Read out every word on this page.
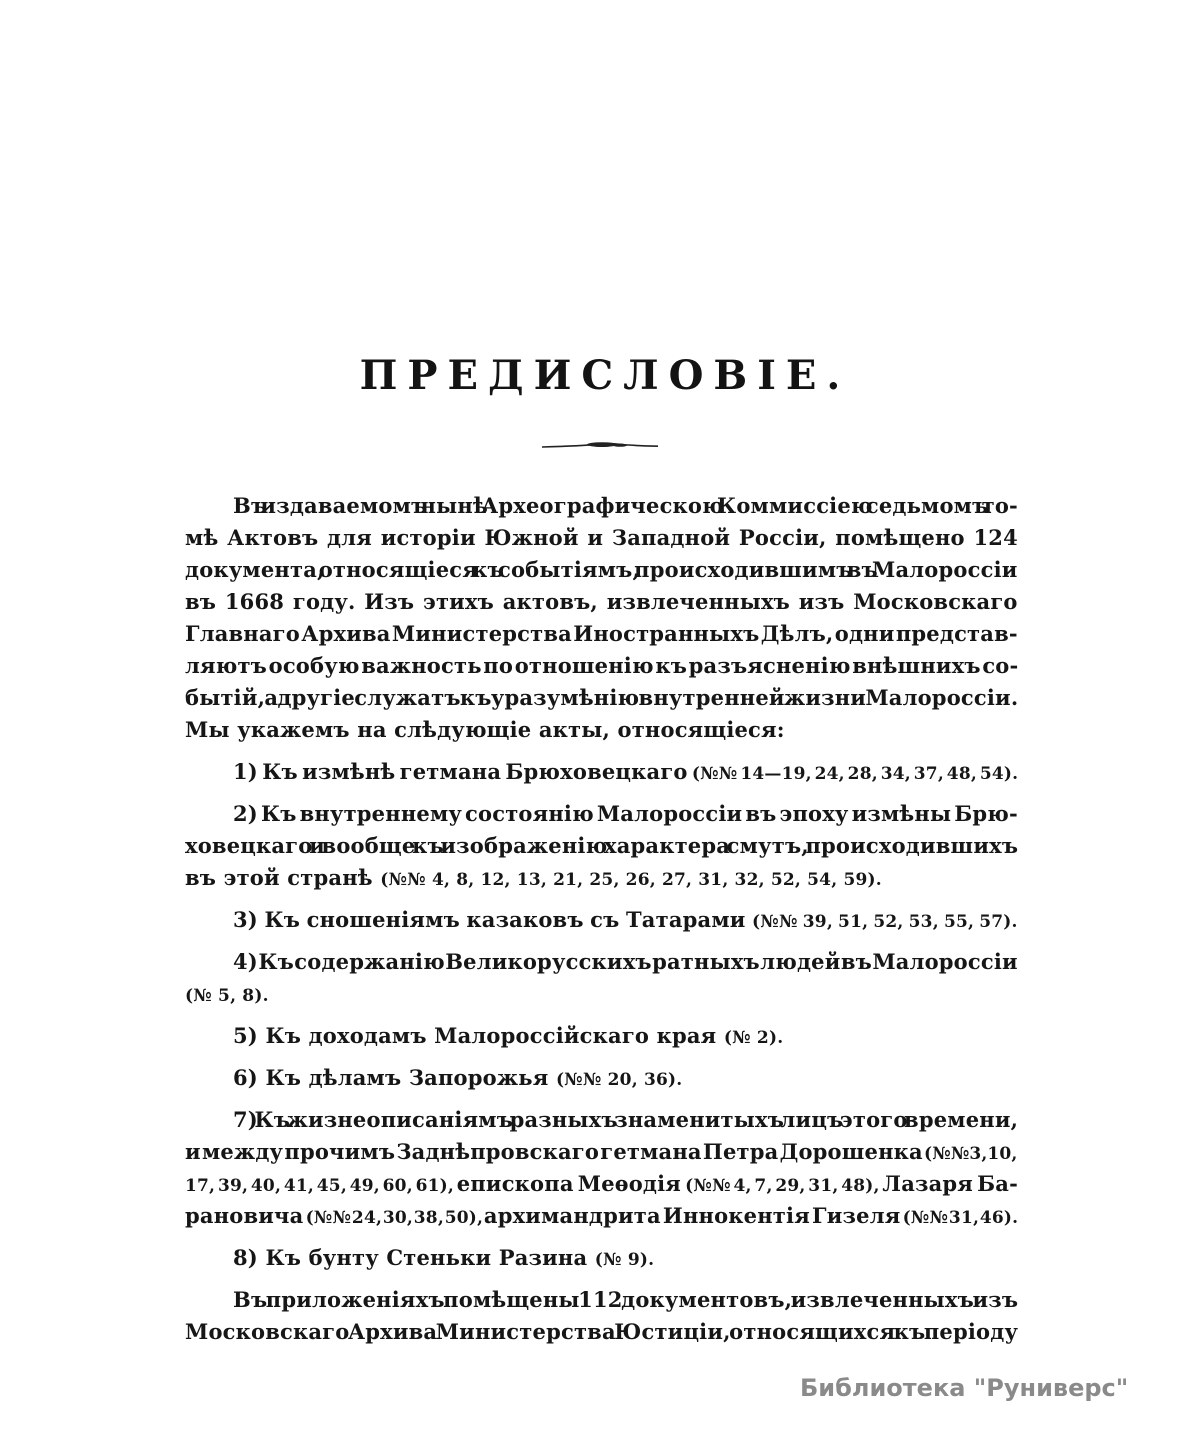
ПРЕДИСЛОВІЕ.
Въ издаваемомъ нынѣ Археографическою Коммиссіею седьмомъ то-
мѣ Актовъ для исторіи Южной и Западной Россіи, помѣщено 124
документа, относящіеся къ событіямъ, происходившимъ въ Малороссіи
въ 1668 году. Изъ этихъ актовъ, извлеченныхъ изъ Московскаго
Главнаго Архива Министерства Иностранныхъ Дѣлъ, одни представ-
ляютъ особую важность по отношенію къ разъясненію внѣшнихъ со-
бытій, а другіе служатъ къ уразумѣнію внутренней жизни Малороссіи.
Мы укажемъ на слѣдующіе акты, относящіеся:
1) Къ измѣнѣ гетмана Брюховецкаго (№№ 14—19, 24, 28, 34, 37, 48, 54).
2) Къ внутреннему состоянію Малороссіи въ эпоху измѣны Брю-
ховецкаго и вообще къ изображенію характера смутъ, происходившихъ
въ этой странѣ (№№ 4, 8, 12, 13, 21, 25, 26, 27, 31, 32, 52, 54, 59).
3) Къ сношеніямъ казаковъ съ Татарами (№№ 39, 51, 52, 53, 55, 57).
4) Къ содержанію Великорусскихъ ратныхъ людей въ Малороссіи
(№ 5, 8).
5) Къ доходамъ Малороссійскаго края (№ 2).
6) Къ дѣламъ Запорожья (№№ 20, 36).
7) Къ жизнеописаніямъ разныхъ знаменитыхъ лицъ этого времени,
и между прочимъ Заднѣпровскаго гетмана Петра Дорошенка (№№ 3, 10,
17, 39, 40, 41, 45, 49, 60, 61), епископа Меѳодія (№№ 4, 7, 29, 31, 48), Лазаря Ба-
рановича (№№ 24, 30, 38, 50), архимандрита Иннокентія Гизеля (№№ 31, 46).
8) Къ бунту Стеньки Разина (№ 9).
Въ приложеніяхъ помѣщены 112 документовъ, извлеченныхъ изъ
Московскаго Архива Министерства Юстиціи, относящихся къ періоду
Библиотека "Руниверс"
